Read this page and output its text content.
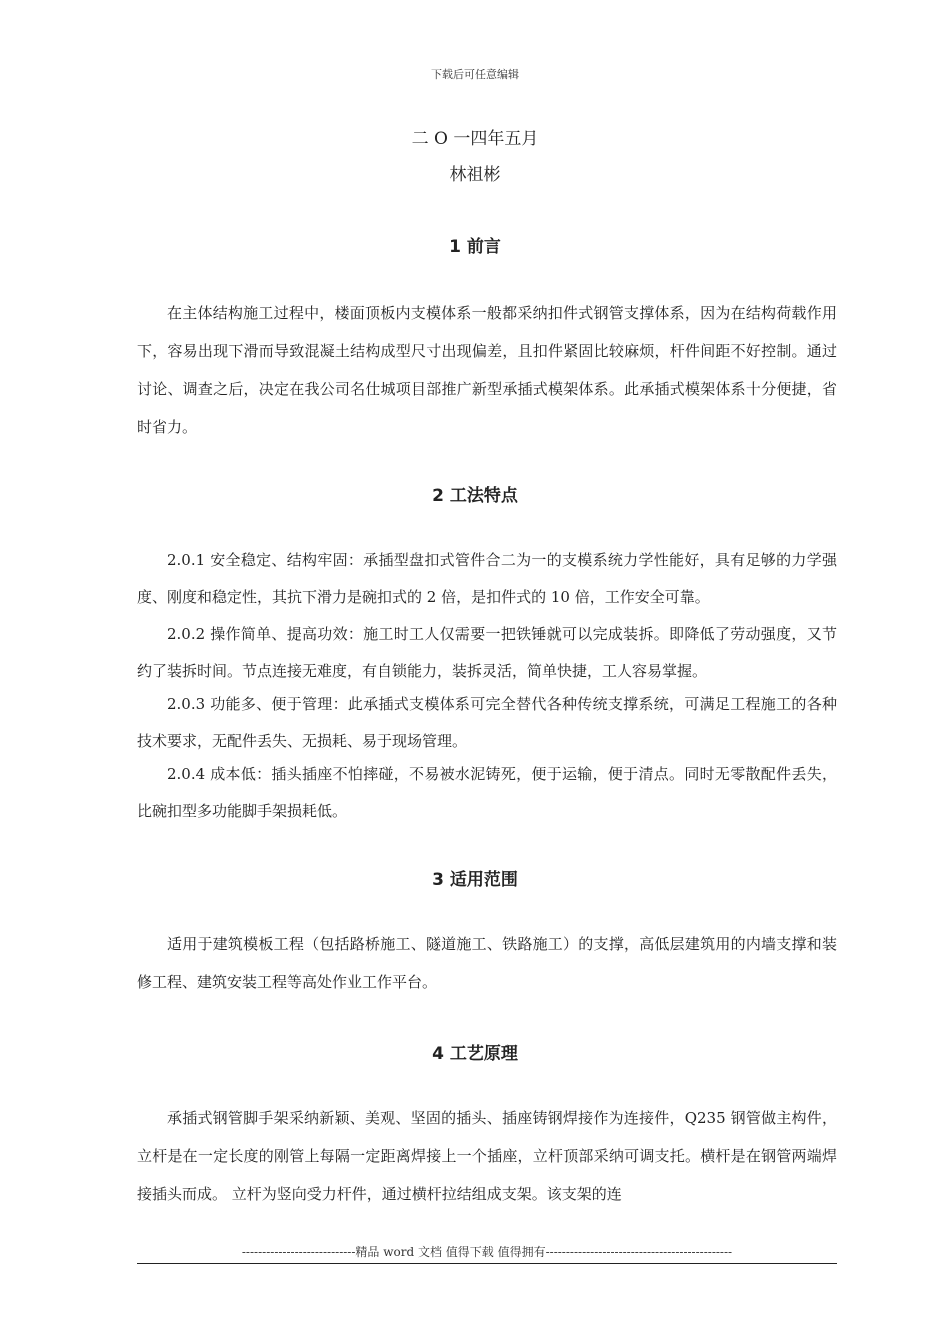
下载后可任意编辑
二 O 一四年五月
林祖彬
1 前言
在主体结构施工过程中，楼面顶板内支模体系一般都采纳扣件式钢管支撑体系，因为在结构荷载作用下，容易出现下滑而导致混凝土结构成型尺寸出现偏差，且扣件紧固比较麻烦，杆件间距不好控制。通过讨论、调查之后，决定在我公司名仕城项目部推广新型承插式模架体系。此承插式模架体系十分便捷，省时省力。
2 工法特点
2.0.1 安全稳定、结构牢固：承插型盘扣式管件合二为一的支模系统力学性能好，具有足够的力学强度、刚度和稳定性，其抗下滑力是碗扣式的 2 倍，是扣件式的 10 倍，工作安全可靠。
2.0.2 操作简单、提高功效：施工时工人仅需要一把铁锤就可以完成装拆。即降低了劳动强度，又节约了装拆时间。节点连接无难度，有自锁能力，装拆灵活，简单快捷，工人容易掌握。
2.0.3 功能多、便于管理：此承插式支模体系可完全替代各种传统支撑系统，可满足工程施工的各种技术要求，无配件丢失、无损耗、易于现场管理。
2.0.4 成本低：插头插座不怕摔碰，不易被水泥铸死，便于运输，便于清点。同时无零散配件丢失，比碗扣型多功能脚手架损耗低。
3 适用范围
适用于建筑模板工程（包括路桥施工、隧道施工、铁路施工）的支撑，高低层建筑用的内墙支撑和装修工程、建筑安装工程等高处作业工作平台。
4 工艺原理
承插式钢管脚手架采纳新颖、美观、坚固的插头、插座铸钢焊接作为连接件，Q235 钢管做主构件，立杆是在一定长度的刚管上每隔一定距离焊接上一个插座，立杆顶部采纳可调支托。横杆是在钢管两端焊接插头而成。 立杆为竖向受力杆件，通过横杆拉结组成支架。该支架的连
----------------------------精品 word 文档 值得下载 值得拥有----------------------------------------------
